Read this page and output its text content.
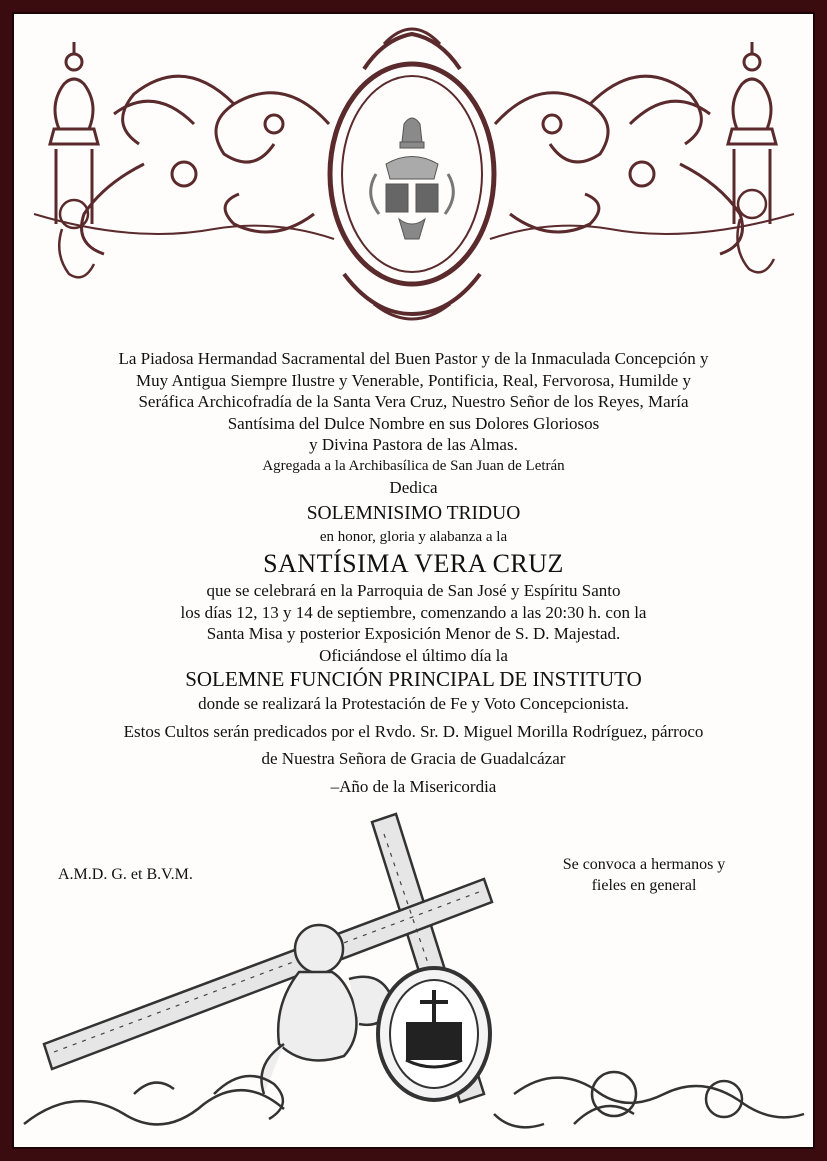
La Piadosa Hermandad Sacramental del Buen Pastor y de la Inmaculada Concepción y
Muy Antigua Siempre Ilustre y Venerable, Pontificia, Real, Fervorosa, Humilde y
Seráfica Archicofradía de la Santa Vera Cruz, Nuestro Señor de los Reyes, María
Santísima del Dulce Nombre en sus Dolores Gloriosos
y Divina Pastora de las Almas.
Agregada a la Archibasílica de San Juan de Letrán
Dedica
SOLEMNISIMO TRIDUO
en honor, gloria y alabanza a la
SANTÍSIMA VERA CRUZ
que se celebrará en la Parroquia de San José y Espíritu Santo
los días 12, 13 y 14 de septiembre, comenzando a las 20:30 h. con la
Santa Misa y posterior Exposición Menor de S. D. Majestad.
Oficiándose el último día la
SOLEMNE FUNCIÓN PRINCIPAL DE INSTITUTO
donde se realizará la Protestación de Fe y Voto Concepcionista.
Estos Cultos serán predicados por el Rvdo. Sr. D. Miguel Morilla Rodríguez, párroco
de Nuestra Señora de Gracia de Guadalcázar
–Año de la Misericordia
A.M.D. G. et B.V.M.
Se convoca a hermanos y
fieles en general
